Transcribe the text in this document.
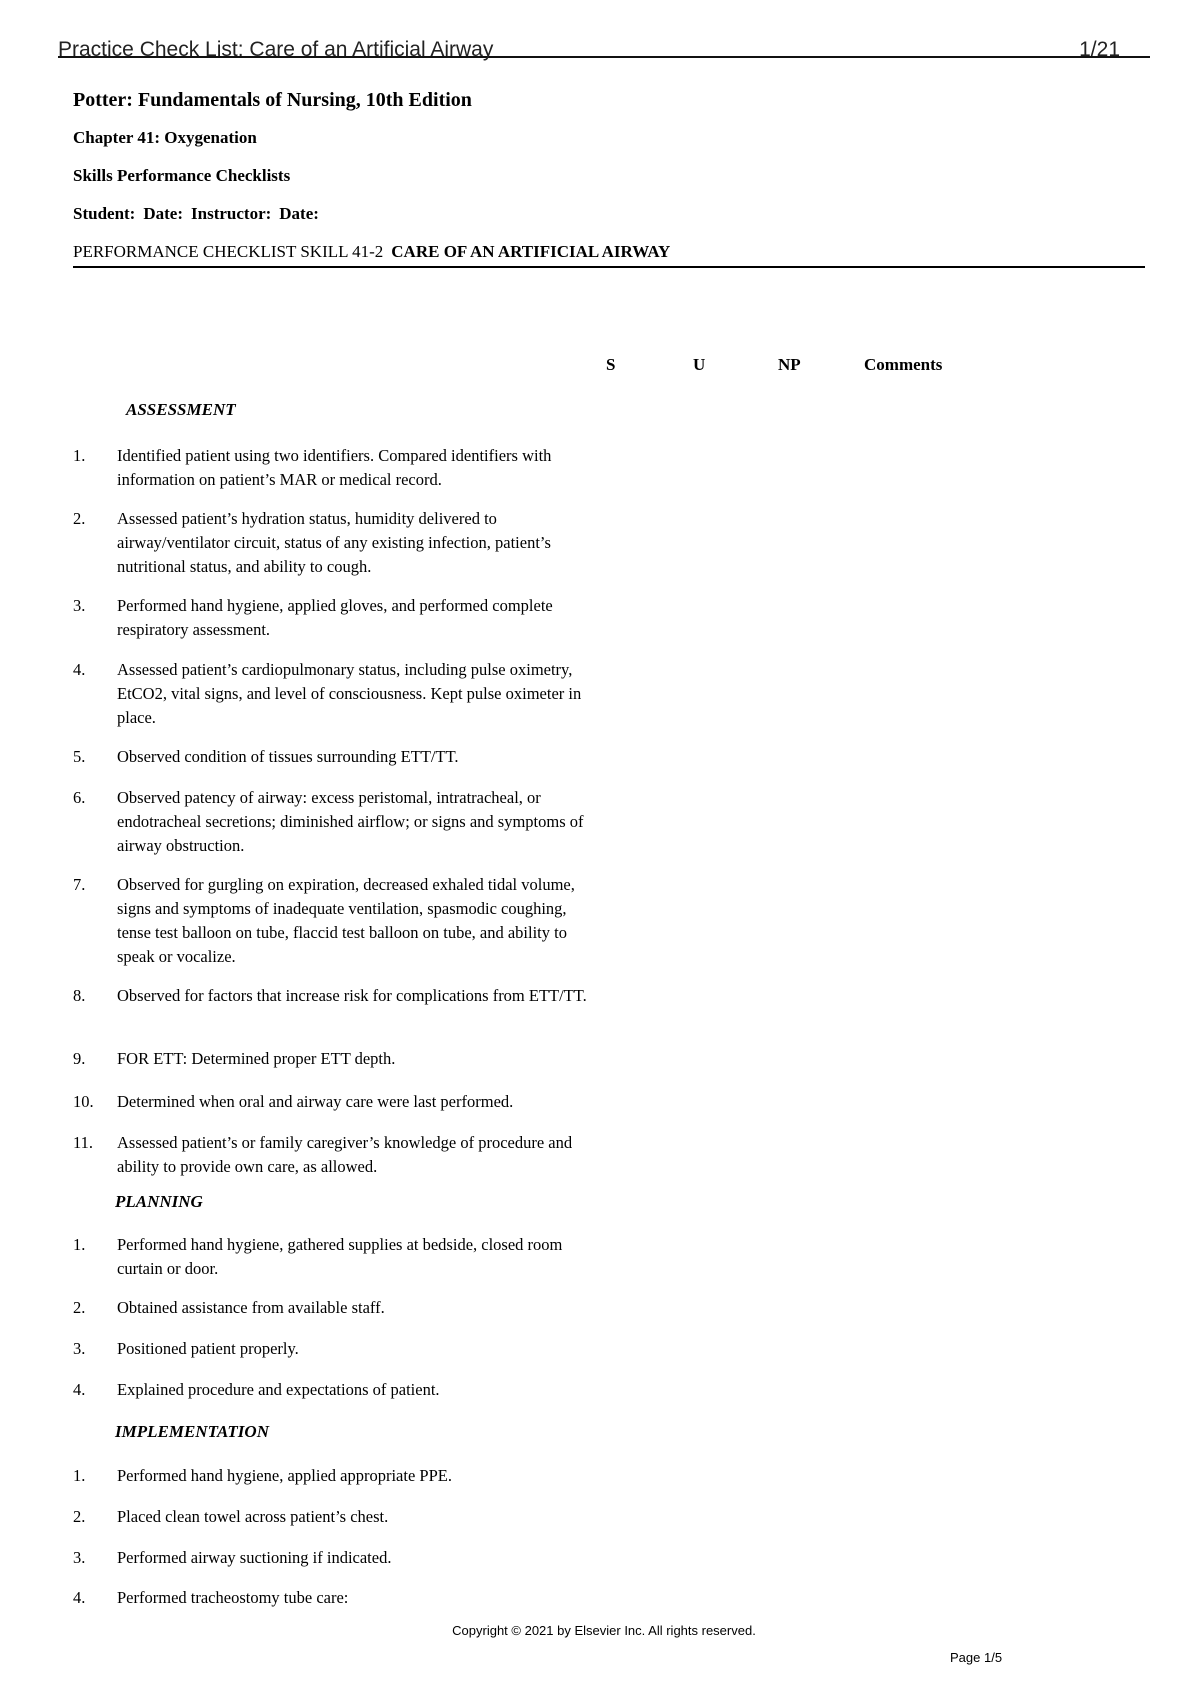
Practice Check List: Care of an Artificial Airway	1/21
Potter: Fundamentals of Nursing, 10th Edition
Chapter 41: Oxygenation
Skills Performance Checklists
Student: Date: Instructor: Date:
PERFORMANCE CHECKLIST SKILL 41-2 CARE OF AN ARTIFICIAL AIRWAY
S	U	NP	Comments
ASSESSMENT
1. Identified patient using two identifiers. Compared identifiers with information on patient’s MAR or medical record.
2. Assessed patient’s hydration status, humidity delivered to airway/ventilator circuit, status of any existing infection, patient’s nutritional status, and ability to cough.
3. Performed hand hygiene, applied gloves, and performed complete respiratory assessment.
4. Assessed patient’s cardiopulmonary status, including pulse oximetry, EtCO2, vital signs, and level of consciousness. Kept pulse oximeter in place.
5. Observed condition of tissues surrounding ETT/TT.
6. Observed patency of airway: excess peristomal, intratracheal, or endotracheal secretions; diminished airflow; or signs and symptoms of airway obstruction.
7. Observed for gurgling on expiration, decreased exhaled tidal volume, signs and symptoms of inadequate ventilation, spasmodic coughing, tense test balloon on tube, flaccid test balloon on tube, and ability to speak or vocalize.
8. Observed for factors that increase risk for complications from ETT/TT.
9. FOR ETT: Determined proper ETT depth.
10. Determined when oral and airway care were last performed.
11. Assessed patient’s or family caregiver’s knowledge of procedure and ability to provide own care, as allowed.
PLANNING
1. Performed hand hygiene, gathered supplies at bedside, closed room curtain or door.
2. Obtained assistance from available staff.
3. Positioned patient properly.
4. Explained procedure and expectations of patient.
IMPLEMENTATION
1. Performed hand hygiene, applied appropriate PPE.
2. Placed clean towel across patient’s chest.
3. Performed airway suctioning if indicated.
4. Performed tracheostomy tube care:
Copyright © 2021 by Elsevier Inc. All rights reserved.
Page 1/5
